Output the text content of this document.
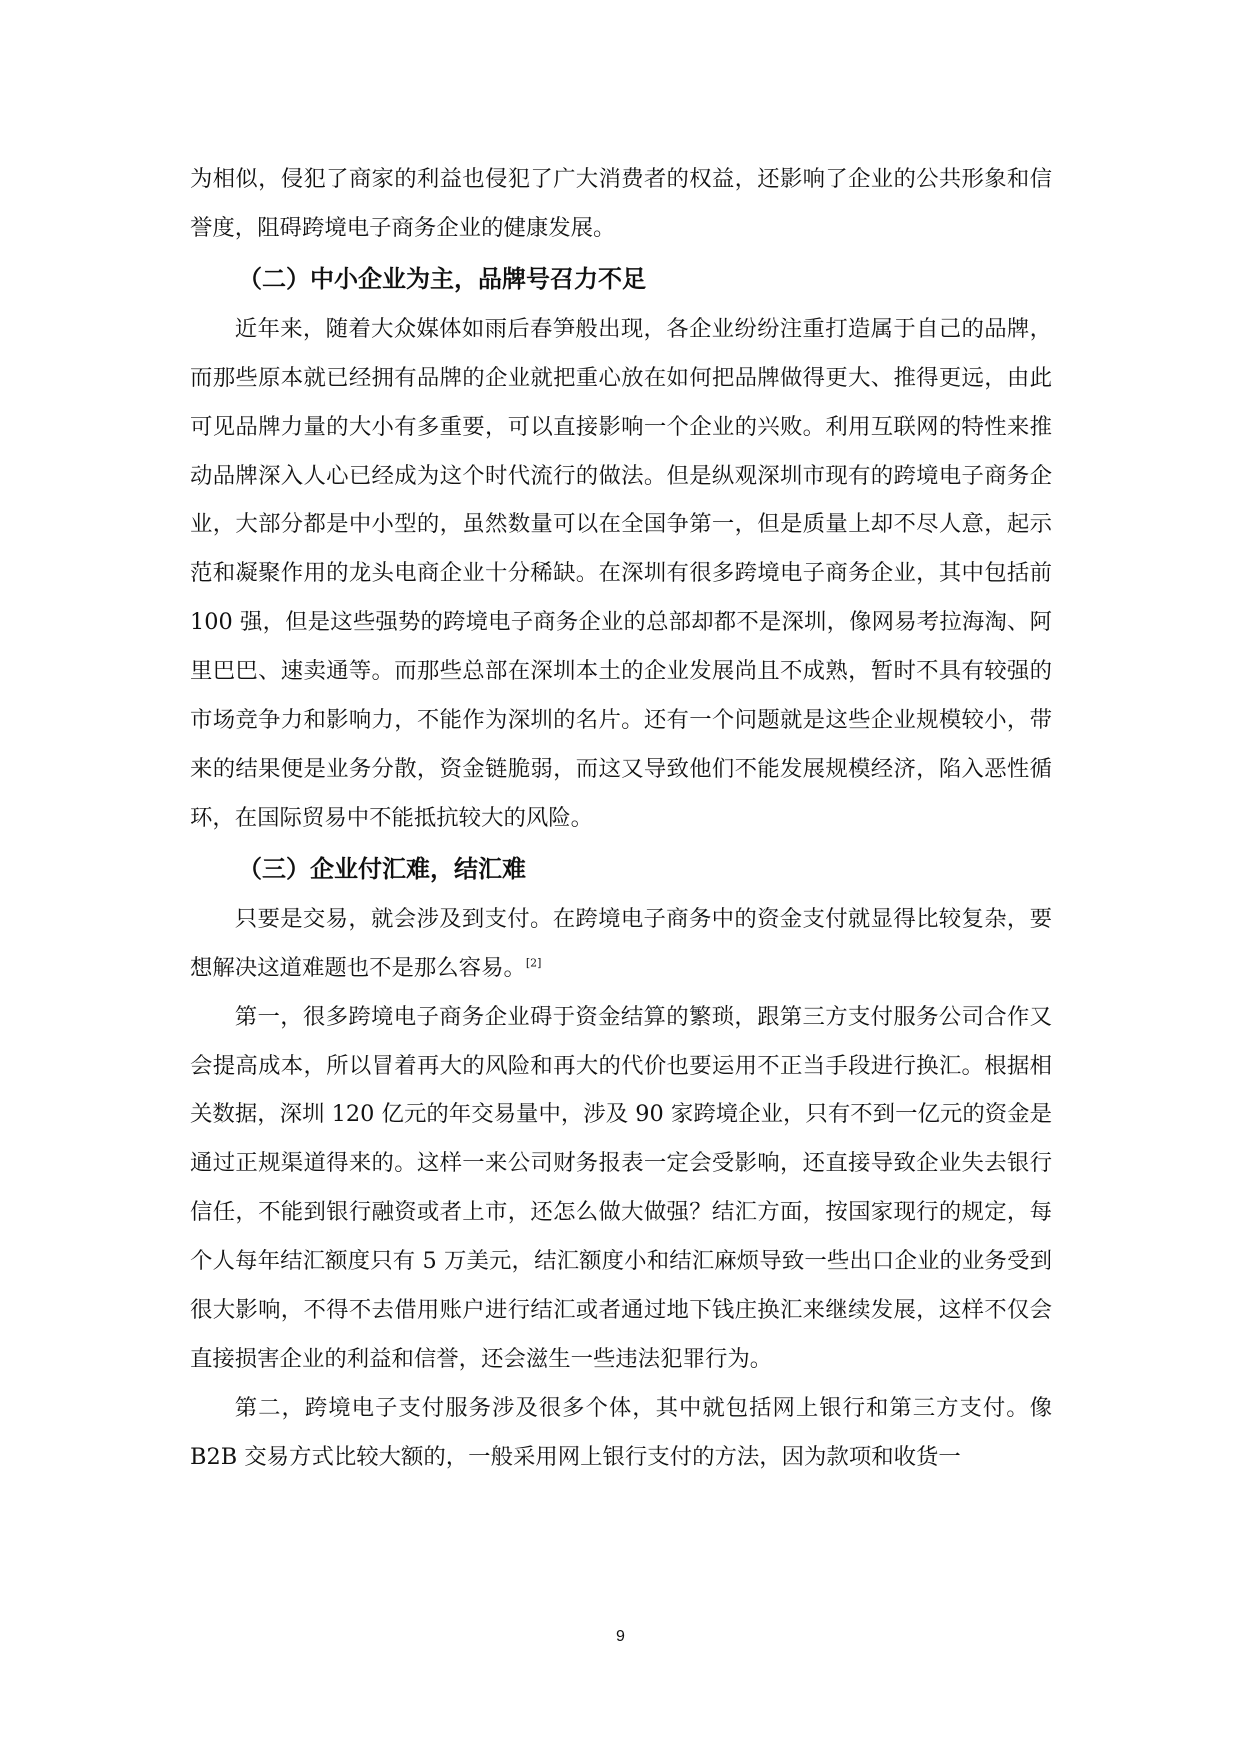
为相似，侵犯了商家的利益也侵犯了广大消费者的权益，还影响了企业的公共形象和信誉度，阻碍跨境电子商务企业的健康发展。

（二）中小企业为主，品牌号召力不足

近年来，随着大众媒体如雨后春笋般出现，各企业纷纷注重打造属于自己的品牌，而那些原本就已经拥有品牌的企业就把重心放在如何把品牌做得更大、推得更远，由此可见品牌力量的大小有多重要，可以直接影响一个企业的兴败。利用互联网的特性来推动品牌深入人心已经成为这个时代流行的做法。但是纵观深圳市现有的跨境电子商务企业，大部分都是中小型的，虽然数量可以在全国争第一，但是质量上却不尽人意，起示范和凝聚作用的龙头电商企业十分稀缺。在深圳有很多跨境电子商务企业，其中包括前 100 强，但是这些强势的跨境电子商务企业的总部却都不是深圳，像网易考拉海淘、阿里巴巴、速卖通等。而那些总部在深圳本土的企业发展尚且不成熟，暂时不具有较强的市场竞争力和影响力，不能作为深圳的名片。还有一个问题就是这些企业规模较小，带来的结果便是业务分散，资金链脆弱，而这又导致他们不能发展规模经济，陷入恶性循环，在国际贸易中不能抵抗较大的风险。

（三）企业付汇难，结汇难

只要是交易，就会涉及到支付。在跨境电子商务中的资金支付就显得比较复杂，要想解决这道难题也不是那么容易。[2]

第一，很多跨境电子商务企业碍于资金结算的繁琐，跟第三方支付服务公司合作又会提高成本，所以冒着再大的风险和再大的代价也要运用不正当手段进行换汇。根据相关数据，深圳 120 亿元的年交易量中，涉及 90 家跨境企业，只有不到一亿元的资金是通过正规渠道得来的。这样一来公司财务报表一定会受影响，还直接导致企业失去银行信任，不能到银行融资或者上市，还怎么做大做强？结汇方面，按国家现行的规定，每个人每年结汇额度只有 5 万美元，结汇额度小和结汇麻烦导致一些出口企业的业务受到很大影响，不得不去借用账户进行结汇或者通过地下钱庄换汇来继续发展，这样不仅会直接损害企业的利益和信誉，还会滋生一些违法犯罪行为。

第二，跨境电子支付服务涉及很多个体，其中就包括网上银行和第三方支付。像 B2B 交易方式比较大额的，一般采用网上银行支付的方法，因为款项和收货一

9
